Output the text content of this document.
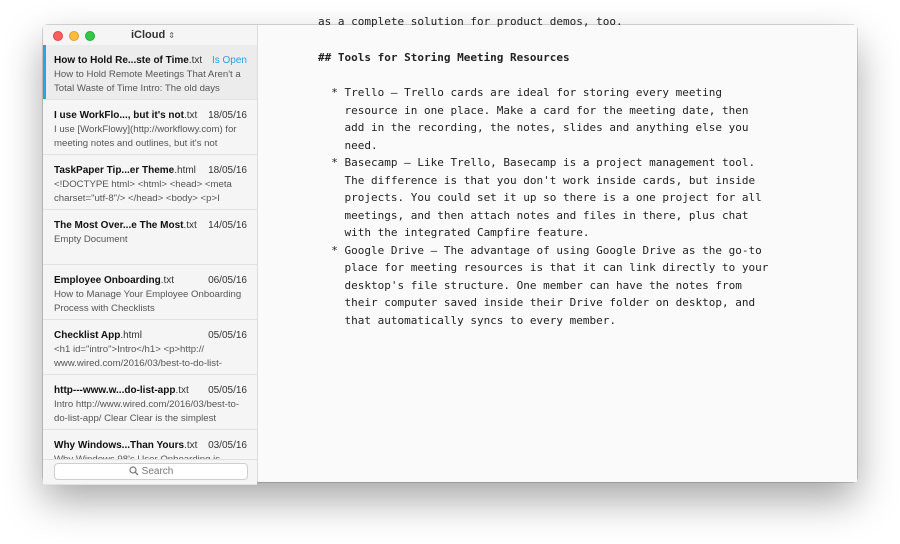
iCloud ⇕
How to Hold Re...ste of Time.txt Is Open
How to Hold Remote Meetings That Aren't a Total Waste of Time Intro: The old days
I use WorkFlo..., but it's not.txt 18/05/16
I use [WorkFlowy](http://workflowy.com) for meeting notes and outlines, but it's not
TaskPaper Tip...er Theme.html 18/05/16
<!DOCTYPE html> <html> <head> <meta charset="utf-8"/> </head> <body> <p>I
The Most Over...e The Most.txt 14/05/16
Empty Document
Employee Onboarding.txt	06/05/16
How to Manage Your Employee Onboarding Process with Checklists
Checklist App.html	05/05/16
<h1 id="intro">Intro</h1> <p>http:// www.wired.com/2016/03/best-to-do-list-
http---www.w...do-list-app.txt 05/05/16
Intro http://www.wired.com/2016/03/best-to-do-list-app/ Clear Clear is the simplest
Why Windows...Than Yours.txt 03/05/16
Search
as a complete solution for product demos, too.
## Tools for Storing Meeting Resources
* Trello – Trello cards are ideal for storing every meeting
resource in one place. Make a card for the meeting date, then
add in the recording, the notes, slides and anything else you
need.
* Basecamp – Like Trello, Basecamp is a project management tool.
The difference is that you don't work inside cards, but inside
projects. You could set it up so there is a one project for all
meetings, and then attach notes and files in there, plus chat
with the integrated Campfire feature.
* Google Drive – The advantage of using Google Drive as the go-to
place for meeting resources is that it can link directly to your
desktop's file structure. One member can have the notes from
their computer saved inside their Drive folder on desktop, and
that automatically syncs to every member.
